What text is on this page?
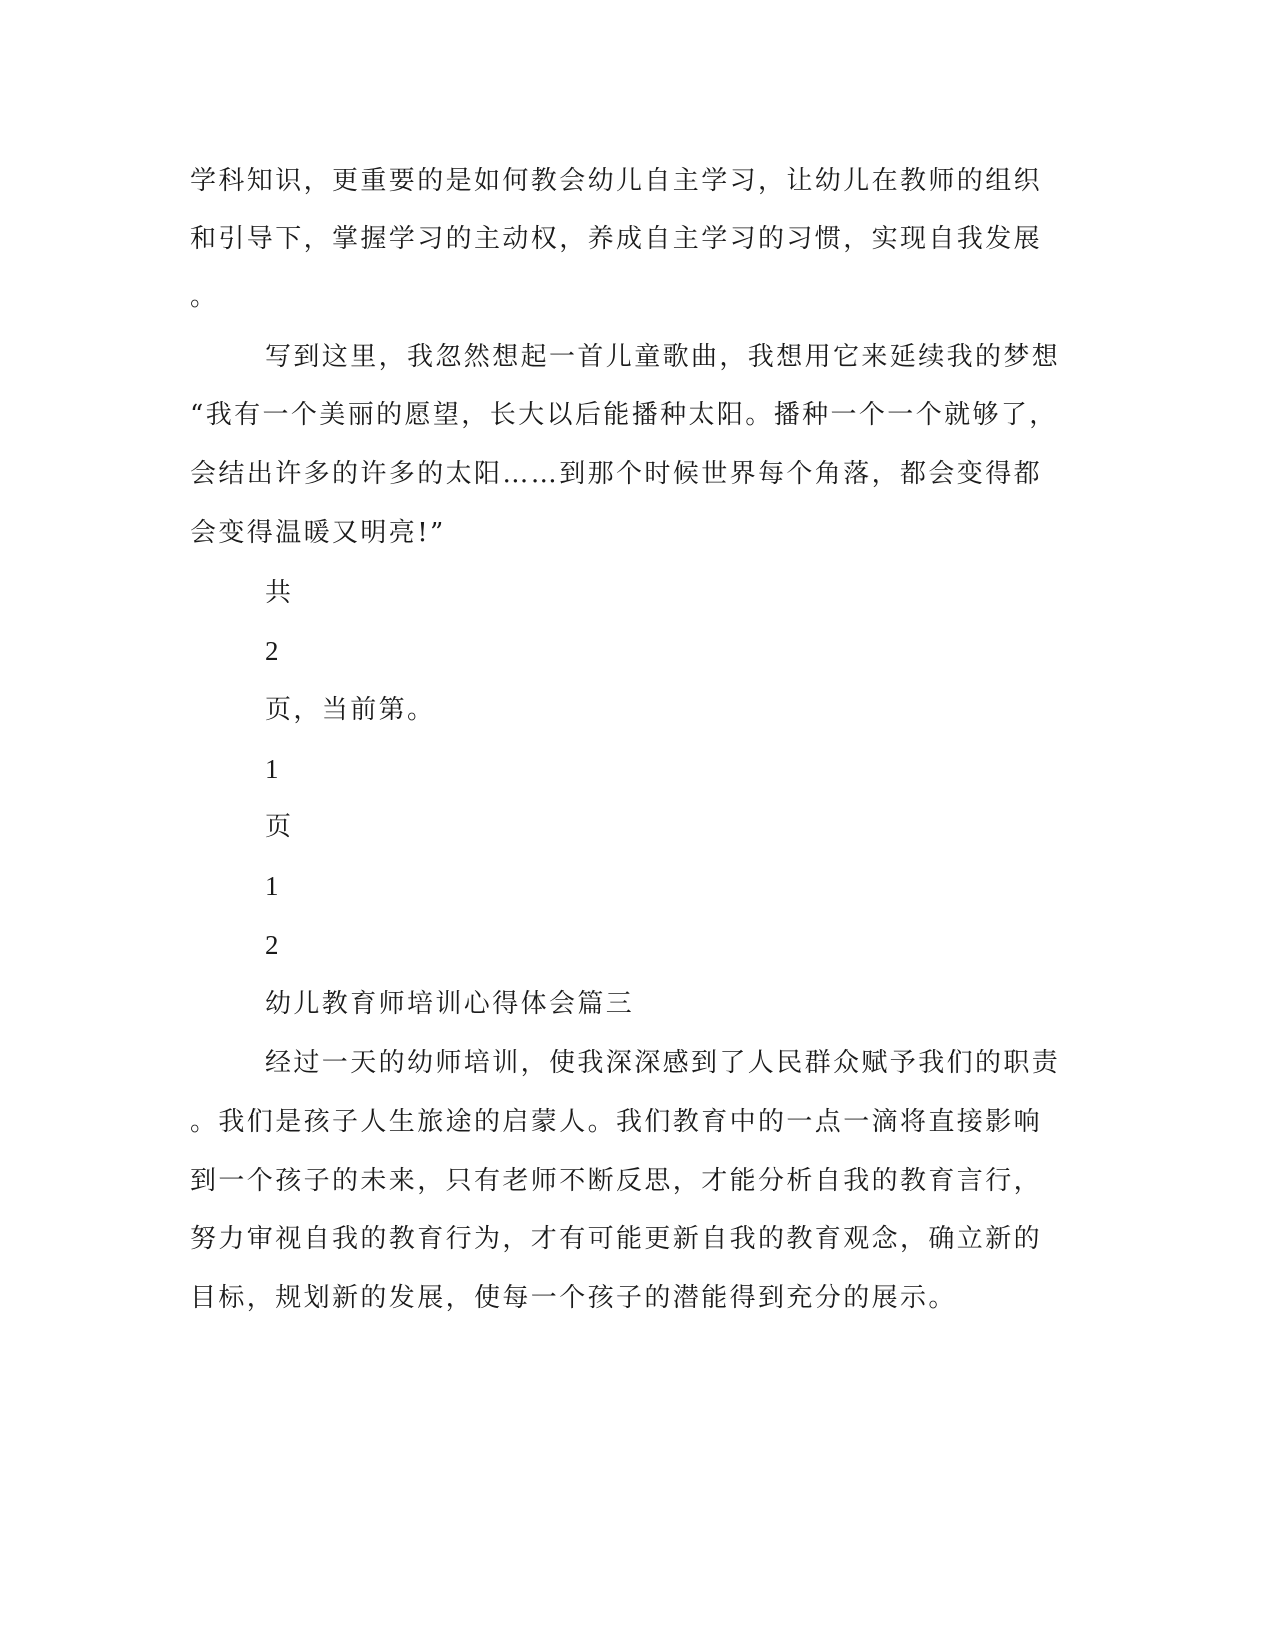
学科知识，更重要的是如何教会幼儿自主学习，让幼儿在教师的组织
和引导下，掌握学习的主动权，养成自主学习的习惯，实现自我发展
。
写到这里，我忽然想起一首儿童歌曲，我想用它来延续我的梦想
“我有一个美丽的愿望，长大以后能播种太阳。播种一个一个就够了，
会结出许多的许多的太阳……到那个时候世界每个角落，都会变得都
会变得温暖又明亮!”
共
2
页，当前第。
1
页
1
2
幼儿教育师培训心得体会篇三
经过一天的幼师培训，使我深深感到了人民群众赋予我们的职责
。我们是孩子人生旅途的启蒙人。我们教育中的一点一滴将直接影响
到一个孩子的未来，只有老师不断反思，才能分析自我的教育言行，
努力审视自我的教育行为，才有可能更新自我的教育观念，确立新的
目标，规划新的发展，使每一个孩子的潜能得到充分的展示。
